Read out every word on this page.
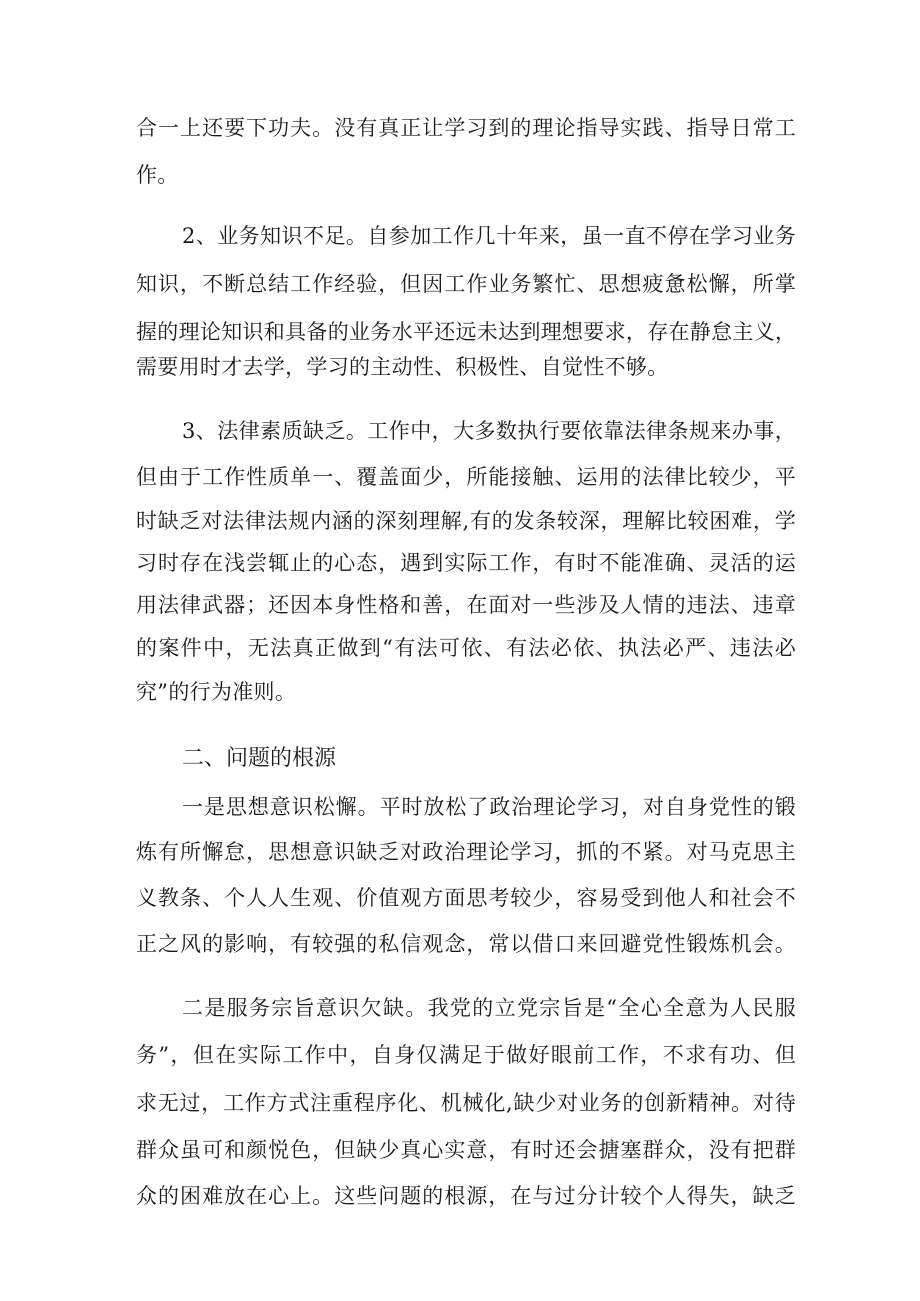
合一上还要下功夫。没有真正让学习到的理论指导实践、指导日常工
作。
2、业务知识不足。自参加工作几十年来，虽一直不停在学习业务
知识，不断总结工作经验，但因工作业务繁忙、思想疲惫松懈，所掌
握的理论知识和具备的业务水平还远未达到理想要求，存在静怠主义，
需要用时才去学，学习的主动性、积极性、自觉性不够。
3、法律素质缺乏。工作中，大多数执行要依靠法律条规来办事，
但由于工作性质单一、覆盖面少，所能接触、运用的法律比较少，平
时缺乏对法律法规内涵的深刻理解,有的发条较深，理解比较困难，学
习时存在浅尝辄止的心态，遇到实际工作，有时不能准确、灵活的运
用法律武器；还因本身性格和善，在面对一些涉及人情的违法、违章
的案件中，无法真正做到“有法可依、有法必依、执法必严、违法必
究”的行为准则。
二、问题的根源
一是思想意识松懈。平时放松了政治理论学习，对自身党性的锻
炼有所懈怠，思想意识缺乏对政治理论学习，抓的不紧。对马克思主
义教条、个人人生观、价值观方面思考较少，容易受到他人和社会不
正之风的影响，有较强的私信观念，常以借口来回避党性锻炼机会。
二是服务宗旨意识欠缺。我党的立党宗旨是“全心全意为人民服
务”，但在实际工作中，自身仅满足于做好眼前工作，不求有功、但
求无过，工作方式注重程序化、机械化,缺少对业务的创新精神。对待
群众虽可和颜悦色，但缺少真心实意，有时还会搪塞群众，没有把群
众的困难放在心上。这些问题的根源，在与过分计较个人得失，缺乏
